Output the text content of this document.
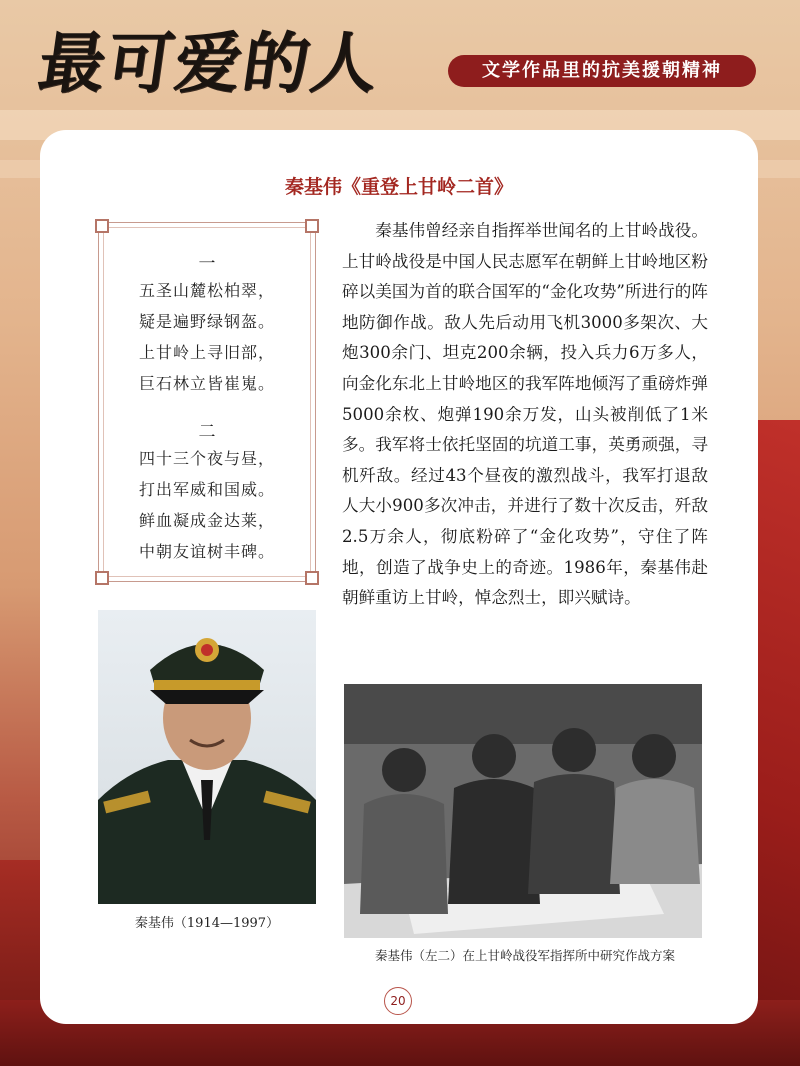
最可爱的人	文学作品里的抗美援朝精神
秦基伟《重登上甘岭二首》
一
五圣山麓松柏翠，
疑是遍野绿钢盔。
上甘岭上寻旧部，
巨石林立皆崔嵬。
二
四十三个夜与昼，
打出军威和国威。
鲜血凝成金达莱，
中朝友谊树丰碑。
秦基伟曾经亲自指挥举世闻名的上甘岭战役。上甘岭战役是中国人民志愿军在朝鲜上甘岭地区粉碎以美国为首的联合国军的“金化攻势”所进行的阵地防御作战。敌人先后动用飞机3000多架次、大炮300余门、坦克200余辆，投入兵力6万多人，向金化东北上甘岭地区的我军阵地倾泻了重磅炸弹5000余枚、炮弹190余万发，山头被削低了1米多。我军将士依托坚固的坑道工事，英勇顽强，寻机歼敌。经过43个昼夜的激烈战斗，我军打退敌人大小900多次冲击，并进行了数十次反击，歼敌2.5万余人，彻底粉碎了“金化攻势”，守住了阵地，创造了战争史上的奇迹。1986年，秦基伟赴朝鲜重访上甘岭，悼念烈士，即兴赋诗。
秦基伟（1914—1997）
秦基伟（左二）在上甘岭战役军指挥所中研究作战方案
20
